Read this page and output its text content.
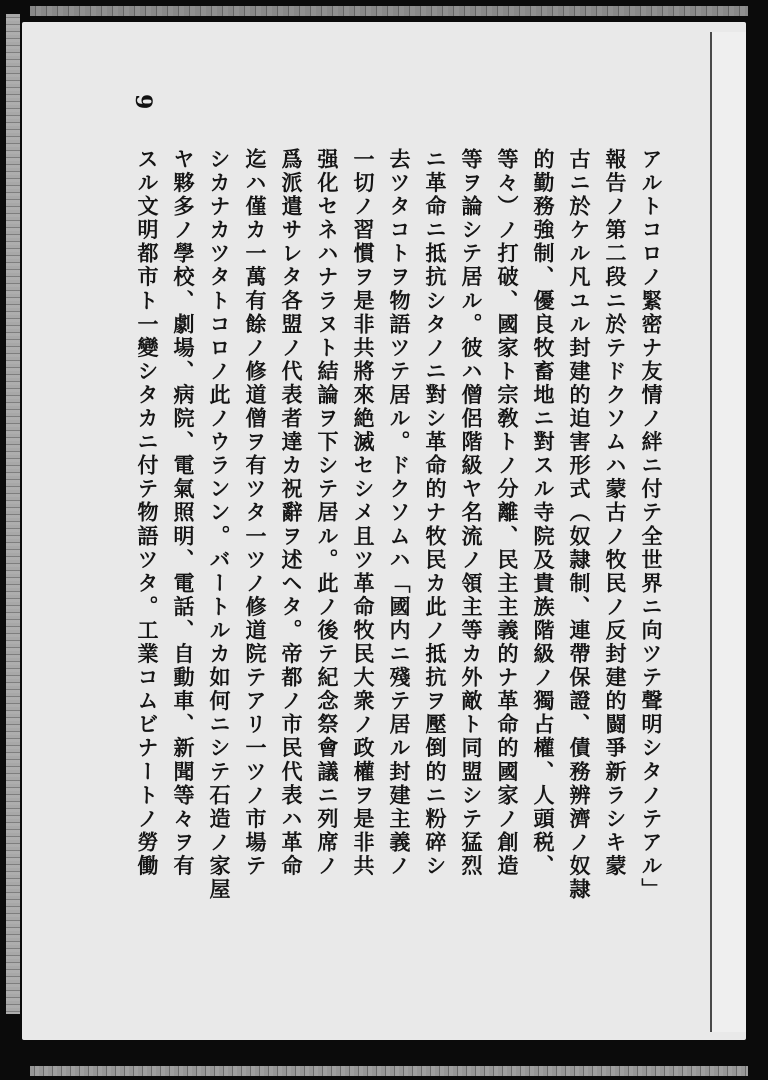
9
アルトコロノ緊密ナ友情ノ絆ニ付テ全世界ニ向ツテ聲明シタノテアル」
報告ノ第二段ニ於テドクソムハ蒙古ノ牧民ノ反封建的闘爭新ラシキ蒙
古ニ於ケル凡ユル封建的迫害形式（奴隷制、連帶保證、債務辨濟ノ奴隷
的勤務強制、優良牧畜地ニ對スル寺院及貴族階級ノ獨占權、人頭税、
等々）ノ打破、國家ト宗敎トノ分離、民主主義的ナ革命的國家ノ創造
等ヲ論シテ居ル。彼ハ僧侶階級ヤ名流ノ領主等カ外敵ト同盟シテ猛烈
ニ革命ニ抵抗シタノニ對シ革命的ナ牧民カ此ノ抵抗ヲ壓倒的ニ粉碎シ
去ツタコトヲ物語ツテ居ル。ドクソムハ「國内ニ殘テ居ル封建主義ノ
一切ノ習慣ヲ是非共將來絶滅セシメ且ツ革命牧民大衆ノ政權ヲ是非共
强化セネハナラヌト結論ヲ下シテ居ル。此ノ後テ紀念祭會議ニ列席ノ
爲派遣サレタ各盟ノ代表者達カ祝辭ヲ述ヘタ。帝都ノ市民代表ハ革命
迄ハ僅カ一萬有餘ノ修道僧ヲ有ツタ一ツノ修道院テアリ一ツノ市場テ
シカナカツタトコロノ此ノウランン。バートルカ如何ニシテ石造ノ家屋
ヤ夥多ノ學校、劇場、病院、電氣照明、電話、自動車、新聞等々ヲ有
スル文明都市ト一變シタカニ付テ物語ツタ。工業コムビナートノ勞働
